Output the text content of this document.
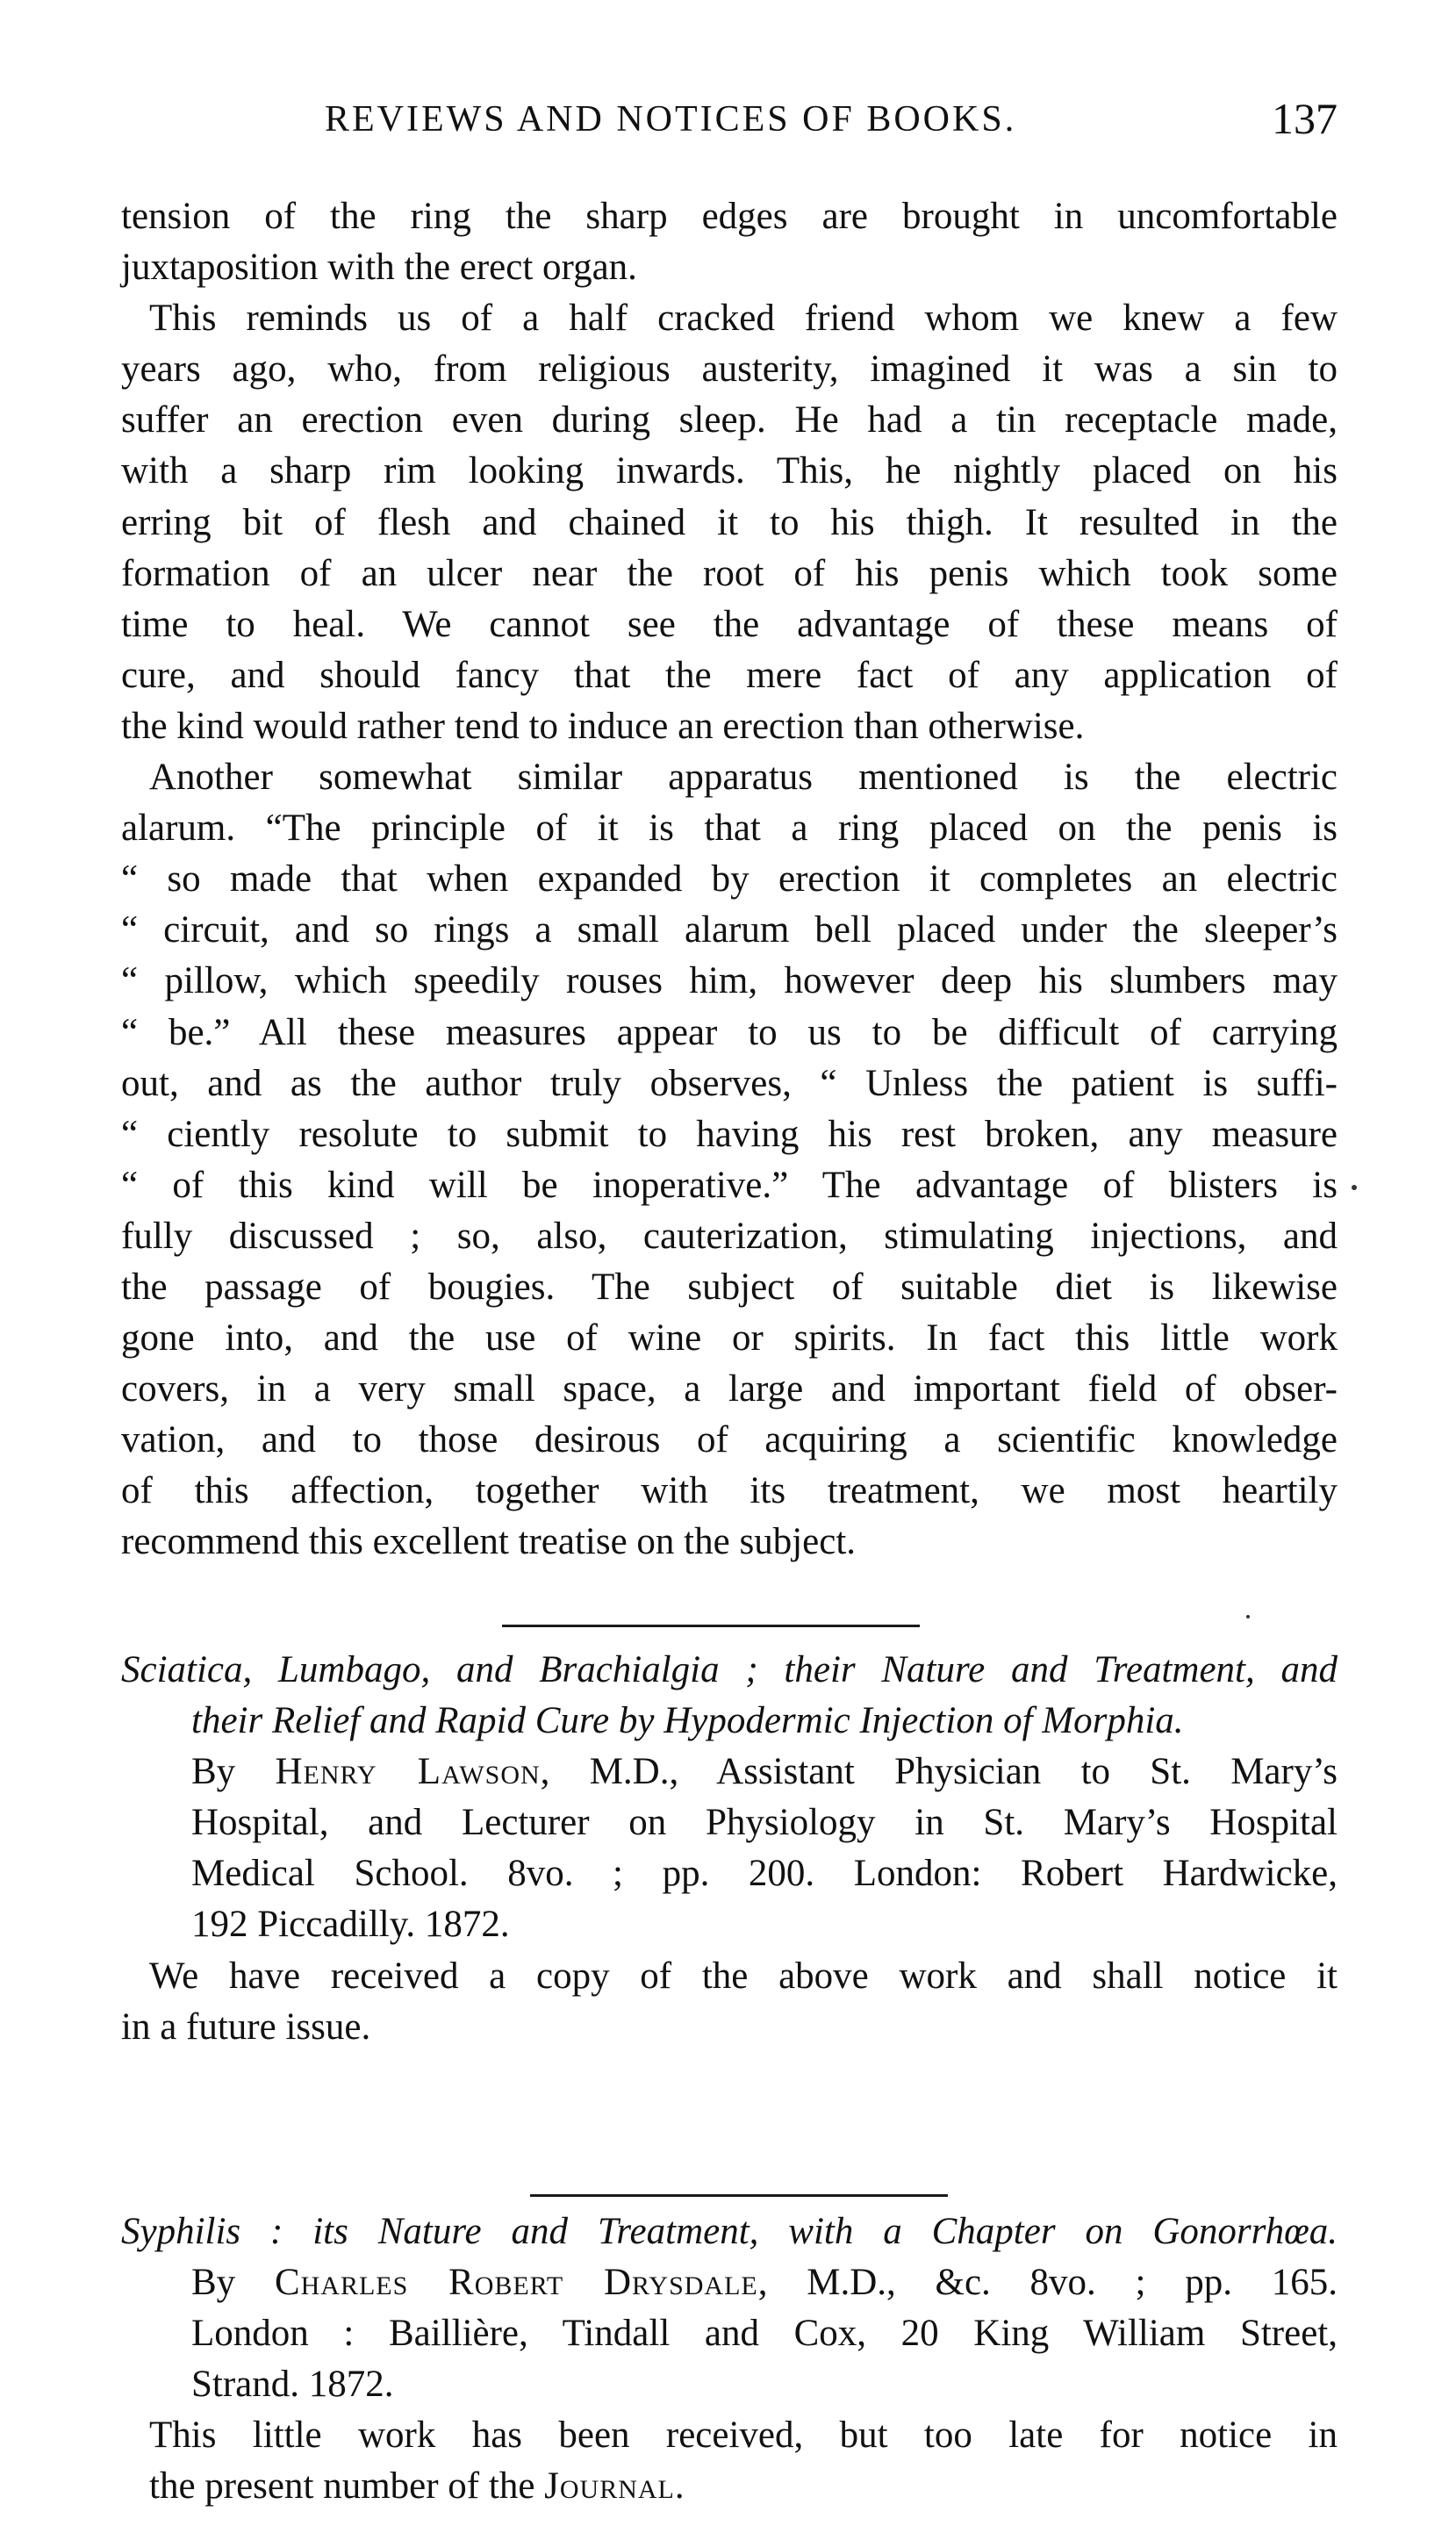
REVIEWS AND NOTICES OF BOOKS.	137
tension of the ring the sharp edges are brought in uncomfortable
juxtaposition with the erect organ.
This reminds us of a half cracked friend whom we knew a few
years ago, who, from religious austerity, imagined it was a sin to
suffer an erection even during sleep. He had a tin receptacle made,
with a sharp rim looking inwards. This, he nightly placed on his
erring bit of flesh and chained it to his thigh. It resulted in the
formation of an ulcer near the root of his penis which took some
time to heal. We cannot see the advantage of these means of
cure, and should fancy that the mere fact of any application of
the kind would rather tend to induce an erection than otherwise.
Another somewhat similar apparatus mentioned is the electric
alarum. “The principle of it is that a ring placed on the penis is
“ so made that when expanded by erection it completes an electric
“ circuit, and so rings a small alarum bell placed under the sleeper’s
“ pillow, which speedily rouses him, however deep his slumbers may
“ be.” All these measures appear to us to be difficult of carrying
out, and as the author truly observes, “ Unless the patient is suffi-
“ ciently resolute to submit to having his rest broken, any measure
“ of this kind will be inoperative.” The advantage of blisters is
fully discussed ; so, also, cauterization, stimulating injections, and
the passage of bougies. The subject of suitable diet is likewise
gone into, and the use of wine or spirits. In fact this little work
covers, in a very small space, a large and important field of obser-
vation, and to those desirous of acquiring a scientific knowledge
of this affection, together with its treatment, we most heartily
recommend this excellent treatise on the subject.
Sciatica, Lumbago, and Brachialgia ; their Nature and Treatment, and
their Relief and Rapid Cure by Hypodermic Injection of Morphia.
By Henry Lawson, M.D., Assistant Physician to St. Mary’s
Hospital, and Lecturer on Physiology in St. Mary’s Hospital
Medical School. 8vo. ; pp. 200. London: Robert Hardwicke,
192 Piccadilly. 1872.
We have received a copy of the above work and shall notice it
in a future issue.
Syphilis : its Nature and Treatment, with a Chapter on Gonorrhœa.
By Charles Robert Drysdale, M.D., &c. 8vo. ; pp. 165.
London : Baillière, Tindall and Cox, 20 King William Street,
Strand. 1872.
This little work has been received, but too late for notice in
the present number of the Journal.
